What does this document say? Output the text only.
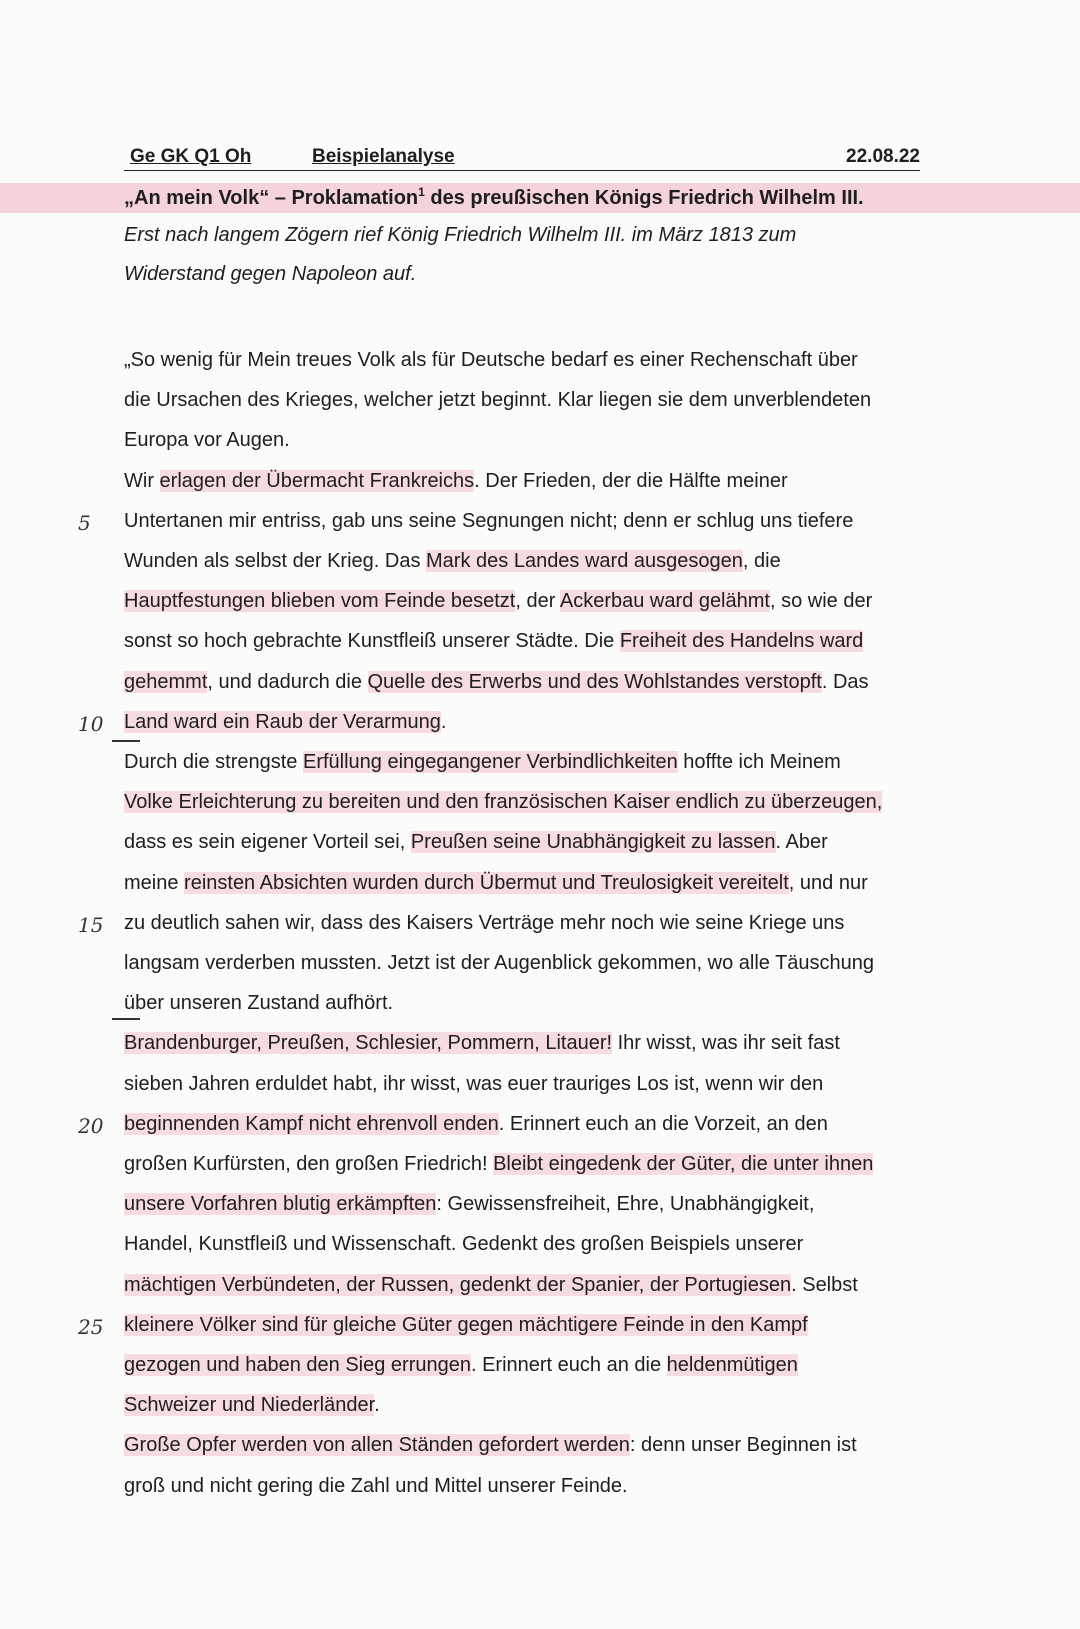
Ge GK Q1 Oh	Beispielanalyse	22.08.22
„An mein Volk“ – Proklamation$^1$ des preußischen Königs Friedrich Wilhelm III.
Erst nach langem Zögern rief König Friedrich Wilhelm III. im März 1813 zum
Widerstand gegen Napoleon auf.
„So wenig für Mein treues Volk als für Deutsche bedarf es einer Rechenschaft über
die Ursachen des Krieges, welcher jetzt beginnt. Klar liegen sie dem unverblendeten
Europa vor Augen.
Wir erlagen der Übermacht Frankreichs. Der Frieden, der die Hälfte meiner
Untertanen mir entriss, gab uns seine Segnungen nicht; denn er schlug uns tiefere
Wunden als selbst der Krieg. Das Mark des Landes ward ausgesogen, die
Hauptfestungen blieben vom Feinde besetzt, der Ackerbau ward gelähmt, so wie der
sonst so hoch gebrachte Kunstfleiß unserer Städte. Die Freiheit des Handelns ward
gehemmt, und dadurch die Quelle des Erwerbs und des Wohlstandes verstopft. Das
Land ward ein Raub der Verarmung.
Durch die strengste Erfüllung eingegangener Verbindlichkeiten hoffte ich Meinem
Volke Erleichterung zu bereiten und den französischen Kaiser endlich zu überzeugen,
dass es sein eigener Vorteil sei, Preußen seine Unabhängigkeit zu lassen. Aber
meine reinsten Absichten wurden durch Übermut und Treulosigkeit vereitelt, und nur
zu deutlich sahen wir, dass des Kaisers Verträge mehr noch wie seine Kriege uns
langsam verderben mussten. Jetzt ist der Augenblick gekommen, wo alle Täuschung
über unseren Zustand aufhört.
Brandenburger, Preußen, Schlesier, Pommern, Litauer! Ihr wisst, was ihr seit fast
sieben Jahren erduldet habt, ihr wisst, was euer trauriges Los ist, wenn wir den
beginnenden Kampf nicht ehrenvoll enden. Erinnert euch an die Vorzeit, an den
großen Kurfürsten, den großen Friedrich! Bleibt eingedenk der Güter, die unter ihnen
unsere Vorfahren blutig erkämpften: Gewissensfreiheit, Ehre, Unabhängigkeit,
Handel, Kunstfleiß und Wissenschaft. Gedenkt des großen Beispiels unserer
mächtigen Verbündeten, der Russen, gedenkt der Spanier, der Portugiesen. Selbst
kleinere Völker sind für gleiche Güter gegen mächtigere Feinde in den Kampf
gezogen und haben den Sieg errungen. Erinnert euch an die heldenmütigen
Schweizer und Niederländer.
Große Opfer werden von allen Ständen gefordert werden: denn unser Beginnen ist
groß und nicht gering die Zahl und Mittel unserer Feinde.
5
10
15
20
25
